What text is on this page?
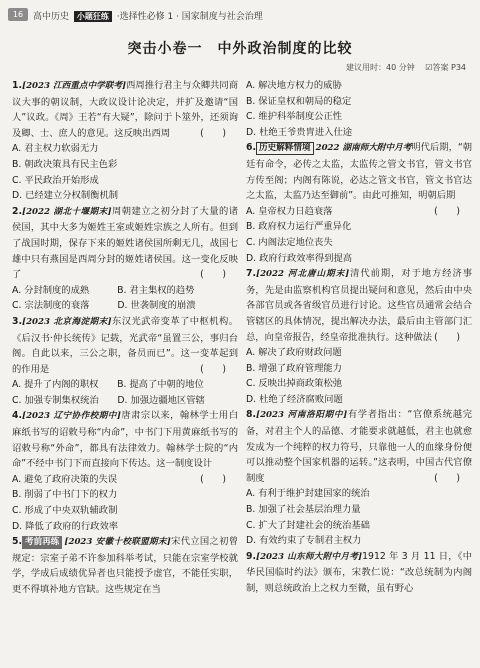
16	高中历史 小题狂练 ·选择性必修 1 · 国家制度与社会治理
突击小卷一　中外政治制度的比较
建议用时：40 分钟　 ☑答案 P34

1.[2023 江西重点中学联考]西周推行君主与众卿共同商议大事的朝议制，大政议设计论决定，并扩及邀请“国人”议政。《周》王若“有大疑”，除问于卜筮外，还须询及卿、士、庶人的意见。这反映出西周	(　　)

A. 君主权力软弱无力
B. 朝政决策具有民主色彩
C. 平民政治开始形成
D. 已经建立分权制衡机制

2.[2022 湖北十堰期末]周朝建立之初分封了大量的诸侯国，其中大多为姬姓王室或姬姓宗族之人所有。但到了战国时期，保存下来的姬姓诸侯国所剩无几，战国七雄中只有燕国是西周分封的姬姓诸侯国。这一变化反映了	(　　)

A. 分封制度的成熟　　　B. 君主集权的趋势
C. 宗法制度的衰落　　　D. 世袭制度的崩溃

3.[2023 北京海淀期末]东汉光武帝变革了中枢机构。《后汉书·仲长统传》记载，光武帝“虽置三公，事归台阁。自此以来，三公之职，备员而已”。这一变革起到的作用是	(　　)

A. 提升了内阁的职权　　B. 提高了中朝的地位
C. 加强专制集权统治　　D. 加强边疆地区管辖

4.[2023 辽宁协作校期中]唐肃宗以来，翰林学士用白麻纸书写的诏敕号称“内命”，中书门下用黄麻纸书写的诏敕号称“外命”，都具有法律效力。翰林学士院的“内命”不经中书门下而直接向下传达。这一制度设计
(　　)

A. 避免了政府决策的失误
B. 削弱了中书门下的权力
C. 形成了中央双轨辅政制
D. 降低了政府的行政效率

5. 考前再练 [2023 安徽十校联盟期末]宋代立国之初曾规定：宗室子弟不许参加科举考试，只能在宗室学校就学，学成后成绩优异者也只能授予虚官，不能任实职，更不得填补地方官缺。这些规定在当

A. 解决地方权力的威胁
B. 保证皇权和朝局的稳定
C. 维护科举制度公正性
D. 杜绝王爷贵胄进入仕途

6. 历史解释情境 2022 湖南师大附中月考明代后期，“朝廷有命令，必传之太监，太监传之管文书官，管文书官方传至阁；内阁有陈说，必达之管文书官，管文书官达之太监，太监乃达至御前”。由此可推知，明朝后期
(　　)

A. 皇帝权力日趋衰落
B. 政府权力运行严重异化
C. 内阁法定地位丧失
D. 政府行政效率得到提高

7.[2022 河北唐山期末]清代前期，对于地方经济事务，先是由监察机构官员提出疑问和意见，然后由中央各部官员或各省级官员进行讨论。这些官员通常会结合管辖区的具体情况，提出解决办法，最后由主管部门汇总，向皇帝报告，经皇帝批准执行。这种做法 (　　)

A. 解决了政府财政问题
B. 增强了政府管理能力
C. 反映出掉商政策松弛
D. 杜绝了经济腐败问题

8.[2023 河南洛阳期中]有学者指出：“官僚系统越完备，对君主个人的品德、才能要求就越低，君主也就愈发成为一个纯粹的权力符号，只靠他一人的血缘身份便可以推动整个国家机器的运转。”这表明，中国古代官僚制度	(　　)

A. 有利于维护封建国家的统治
B. 加强了社会基层治理力量
C. 扩大了封建社会的统治基础
D. 有效约束了专制君主权力

9.[2023 山东师大附中月考]1912 年 3 月 11 日，《中华民国临时约法》颁布，宋教仁说：“改总统制为内阁制，则总统政治上之权力至微，虽有野心
